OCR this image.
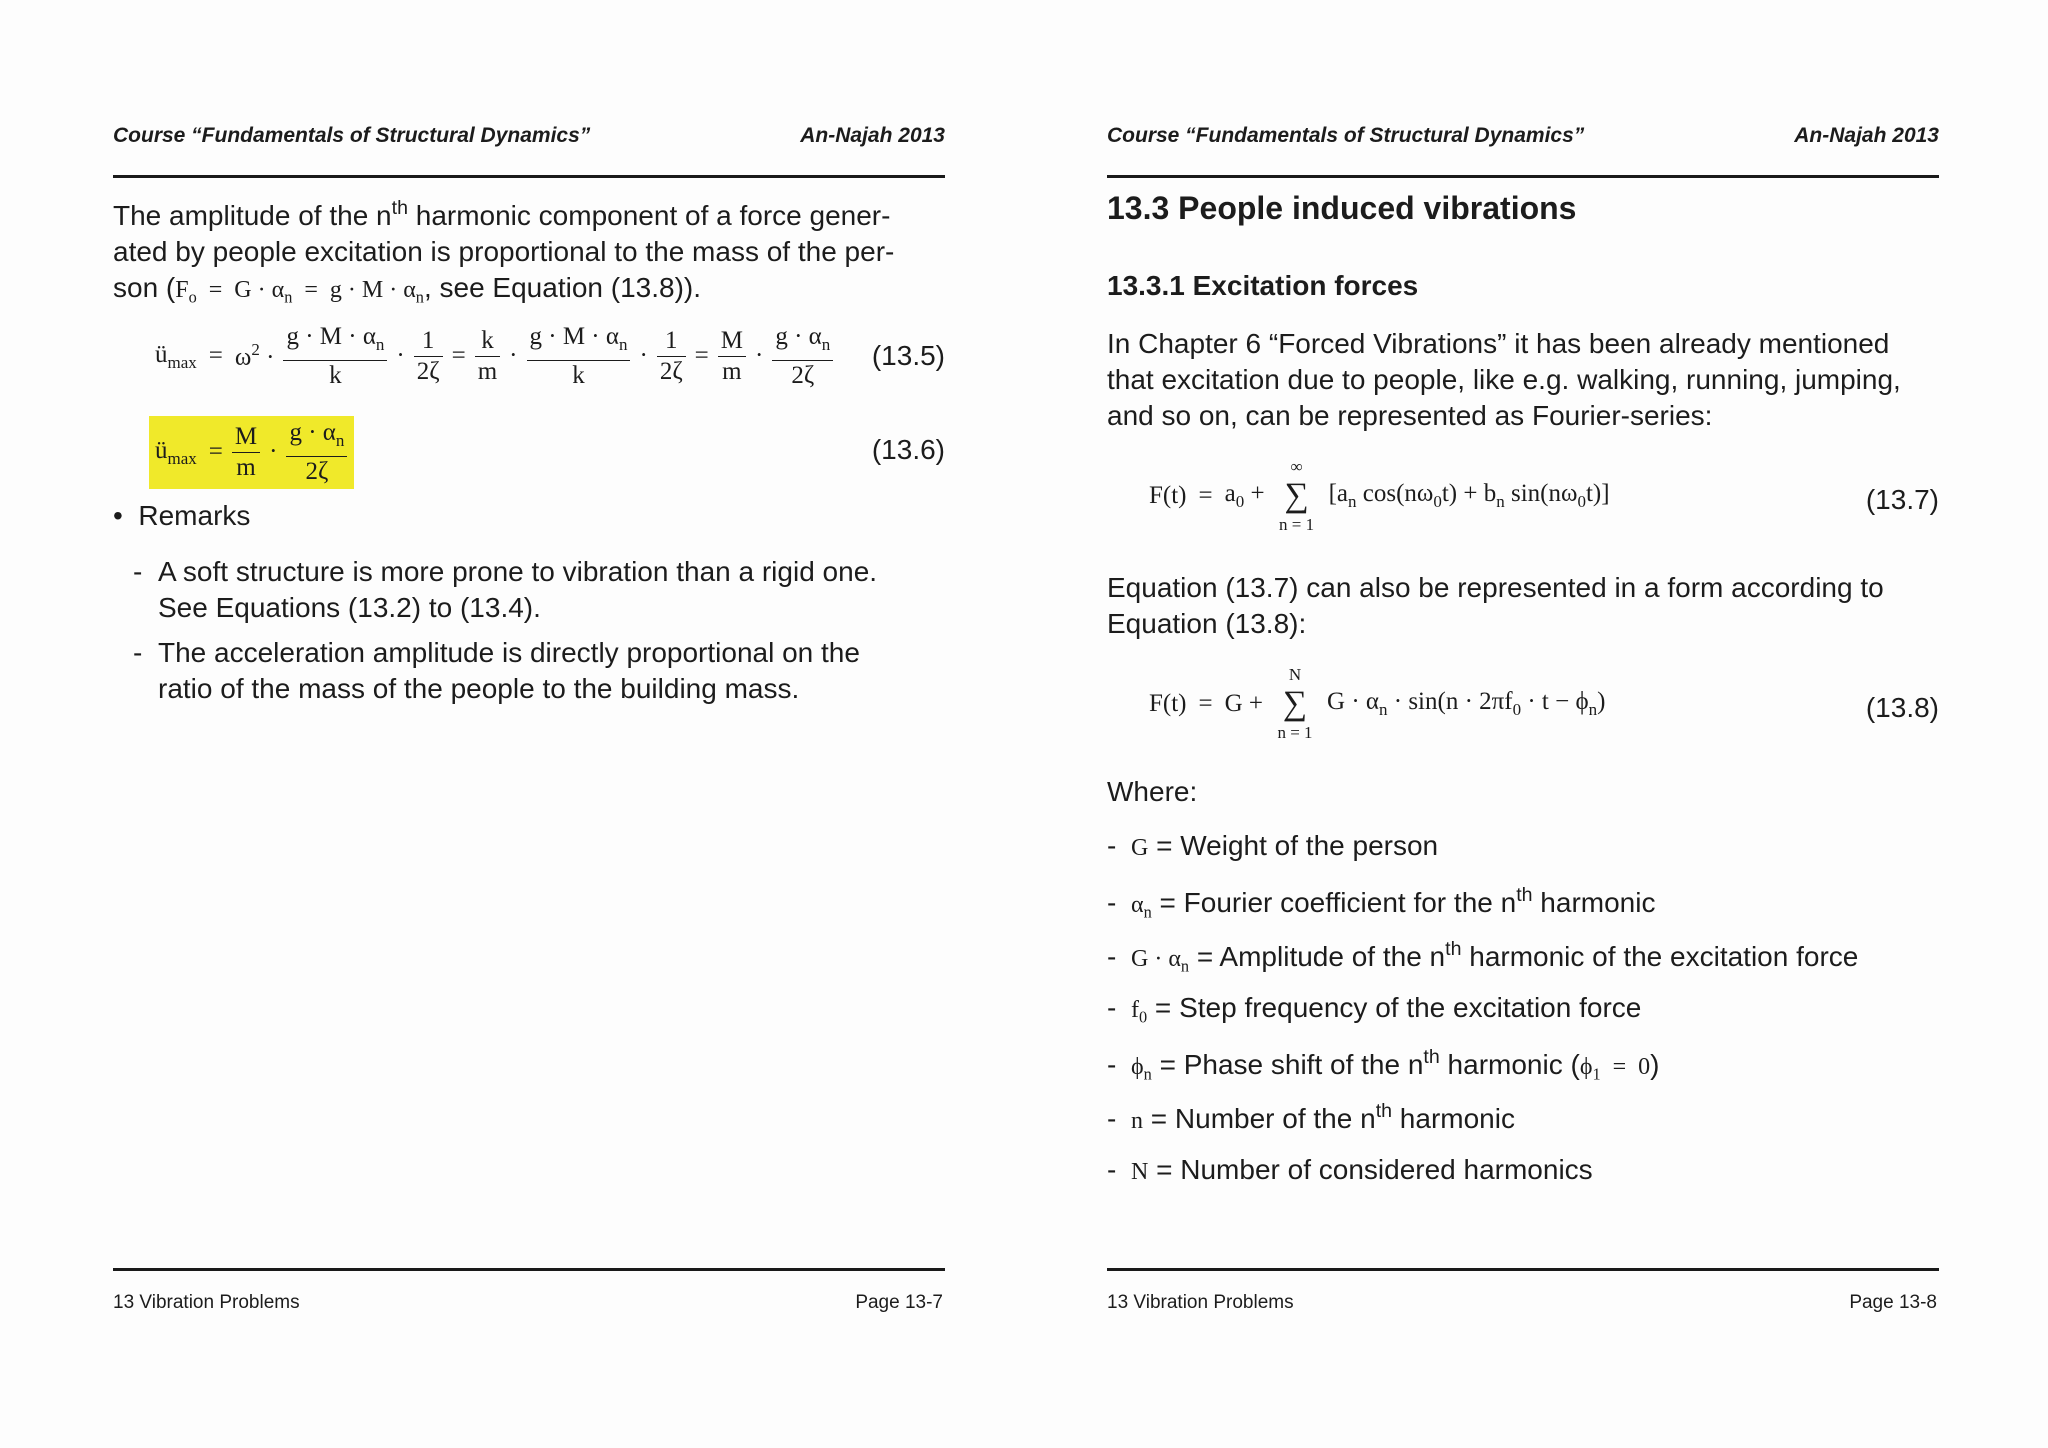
Course “Fundamentals of Structural Dynamics”	An-Najah 2013
The amplitude of the $n^{th}$ harmonic component of a force gener-
ated by people excitation is proportional to the mass of the per-
son ($F_o = G \cdot \alpha_n = g \cdot M \cdot \alpha_n$, see Equation (13.8)).
$ü_{max} = \omega^2 \cdot \frac{g \cdot M \cdot \alpha_n}{k} \cdot \frac{1}{2\zeta} = \frac{k}{m} \cdot \frac{g \cdot M \cdot \alpha_n}{k} \cdot \frac{1}{2\zeta} = \frac{M}{m} \cdot \frac{g \cdot \alpha_n}{2\zeta} (13.5)$
$ü_{max} = \frac{M}{m} \cdot \frac{g \cdot \alpha_n}{2\zeta}$	(13.6)
•  Remarks
- A soft structure is more prone to vibration than a rigid one.
See Equations (13.2) to (13.4).
- The acceleration amplitude is directly proportional on the
ratio of the mass of the people to the building mass.
13 Vibration Problems	Page 13-7
Course “Fundamentals of Structural Dynamics”	An-Najah 2013
13.3 People induced vibrations
13.3.1 Excitation forces
In Chapter 6 “Forced Vibrations” it has been already mentioned
that excitation due to people, like e.g. walking, running, jumping,
and so on, can be represented as Fourier-series:
$F(t) = a_0$ +
∞
∑
n = 1
[$a_n$ $\cos(n\omega_0t) + b_n$ $\sin(n\omega_0t)$]	(13.7)
Equation (13.7) can also be represented in a form according to
Equation (13.8):
F(t) = G +
N
∑
n = 1
$G \cdot \alpha_n \cdot \sin(n \cdot 2\pi f_0 \cdot t - \phi_n)$	(13.8)
Where:
- G = Weight of the person
- $\alpha_n$ = Fourier coefficient for the $n^{th}$ harmonic
- $G \cdot \alpha_n$ = Amplitude of the $n^{th}$ harmonic of the excitation force
- $f_0$ = Step frequency of the excitation force
- $\phi_n$ = Phase shift of the $n^{th}$ harmonic $(\phi_1 = 0)$
- n = Number of the $n^{th}$ harmonic
- N = Number of considered harmonics
13 Vibration Problems	Page 13-8
